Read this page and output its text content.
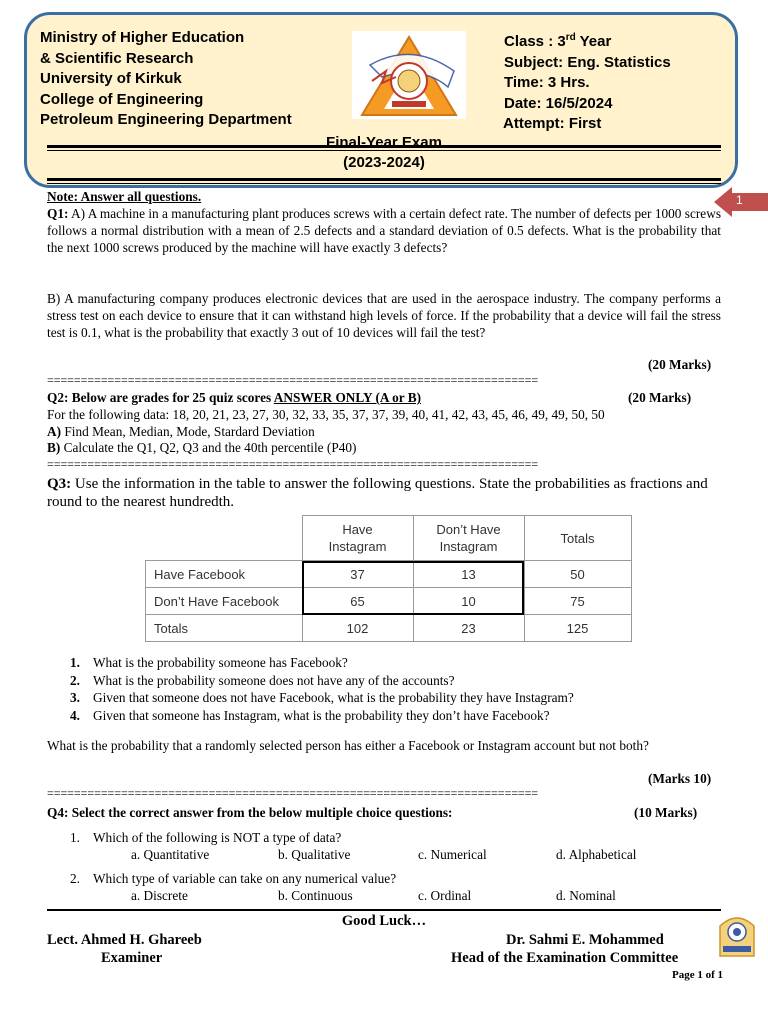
Ministry of Higher Education
& Scientific Research
University of Kirkuk
College of Engineering
Petroleum Engineering Department
Class : 3rd Year
Subject: Eng. Statistics
Time: 3 Hrs.
Date: 16/5/2024
Attempt: First
Final-Year Exam
(2023-2024)
1
Note: Answer all questions.
Q1: A) A machine in a manufacturing plant produces screws with a certain defect rate. The number of defects per 1000 screws follows a normal distribution with a mean of 2.5 defects and a standard deviation of 0.5 defects. What is the probability that the next 1000 screws produced by the machine will have exactly 3 defects?
B) A manufacturing company produces electronic devices that are used in the aerospace industry. The company performs a stress test on each device to ensure that it can withstand high levels of force. If the probability that a device will fail the stress test is 0.1, what is the probability that exactly 3 out of 10 devices will fail the test?
(20 Marks)
=========================================================================
Q2: Below are grades for 25 quiz scores ANSWER ONLY (A or B)	(20 Marks)
For the following data: 18, 20, 21, 23, 27, 30, 32, 33, 35, 37, 37, 39, 40, 41, 42, 43, 45, 46, 49, 49, 50, 50
A) Find Mean, Median, Mode, Stardard Deviation
B) Calculate the Q1, Q2, Q3 and the 40th percentile (P40)
=========================================================================
Q3: Use the information in the table to answer the following questions. State the probabilities as fractions and round to the nearest hundredth.
	Have
Instagram	Don’t Have
Instagram	Totals
Have Facebook	37	13	50
Don’t Have Facebook	65	10	75
Totals	102	23	125
1. What is the probability someone has Facebook?
2. What is the probability someone does not have any of the accounts?
3. Given that someone does not have Facebook, what is the probability they have Instagram?
4. Given that someone has Instagram, what is the probability they don’t have Facebook?
What is the probability that a randomly selected person has either a Facebook or Instagram account but not both?
(Marks 10)
=========================================================================
Q4: Select the correct answer from the below multiple choice questions:	(10 Marks)
1. Which of the following is NOT a type of data?
a. Quantitative	b. Qualitative	c. Numerical	d. Alphabetical
2. Which type of variable can take on any numerical value?
a. Discrete	b. Continuous	c. Ordinal	d. Nominal
Good Luck…
Lect. Ahmed H. Ghareeb
Examiner
Dr. Sahmi E. Mohammed
Head of the Examination Committee
Page 1 of 1
